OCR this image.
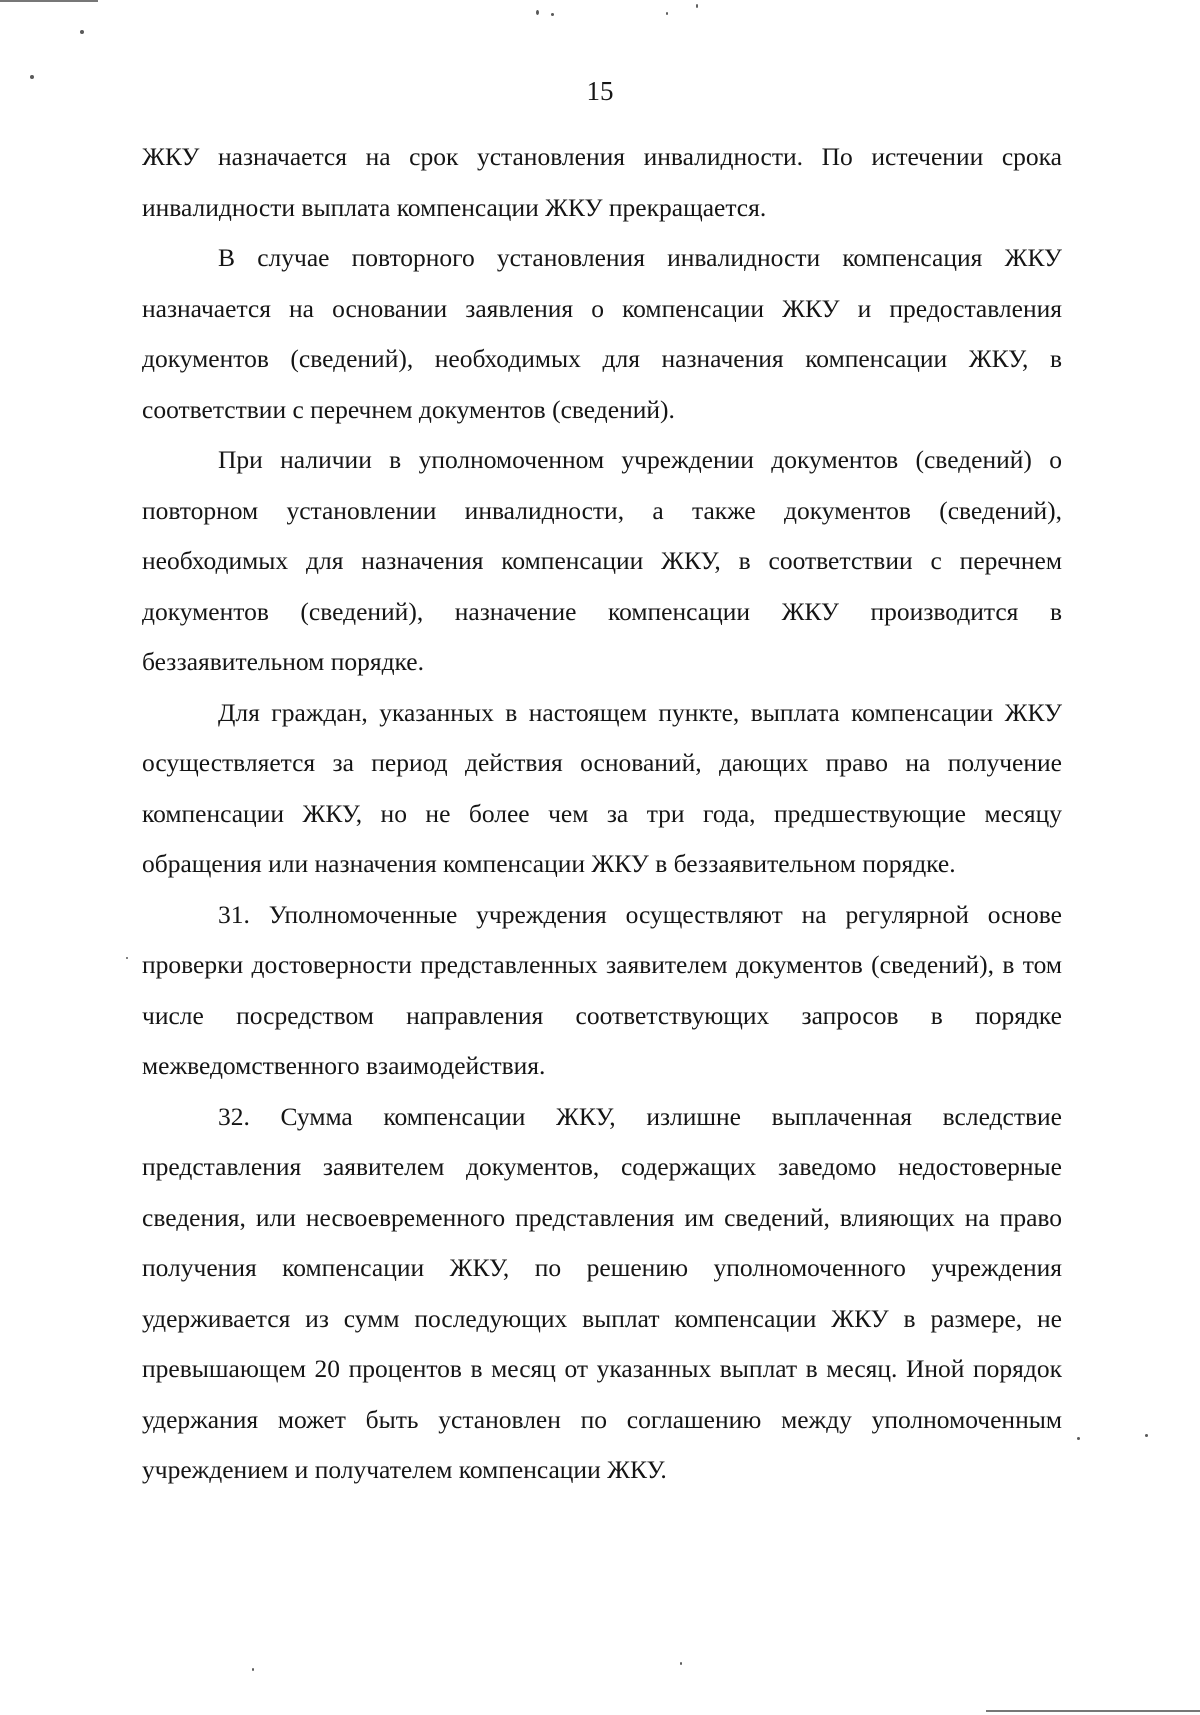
15

ЖКУ назначается на срок установления инвалидности. По истечении срока инвалидности выплата компенсации ЖКУ прекращается.

В случае повторного установления инвалидности компенсация ЖКУ назначается на основании заявления о компенсации ЖКУ и предоставления документов (сведений), необходимых для назначения компенсации ЖКУ, в соответствии с перечнем документов (сведений).

При наличии в уполномоченном учреждении документов (сведений) о повторном установлении инвалидности, а также документов (сведений), необходимых для назначения компенсации ЖКУ, в соответствии с перечнем документов (сведений), назначение компенсации ЖКУ производится в беззаявительном порядке.

Для граждан, указанных в настоящем пункте, выплата компенсации ЖКУ осуществляется за период действия оснований, дающих право на получение компенсации ЖКУ, но не более чем за три года, предшествующие месяцу обращения или назначения компенсации ЖКУ в беззаявительном порядке.

31. Уполномоченные учреждения осуществляют на регулярной основе проверки достоверности представленных заявителем документов (сведений), в том числе посредством направления соответствующих запросов в порядке межведомственного взаимодействия.

32. Сумма компенсации ЖКУ, излишне выплаченная вследствие представления заявителем документов, содержащих заведомо недостоверные сведения, или несвоевременного представления им сведений, влияющих на право получения компенсации ЖКУ, по решению уполномоченного учреждения удерживается из сумм последующих выплат компенсации ЖКУ в размере, не превышающем 20 процентов в месяц от указанных выплат в месяц. Иной порядок удержания может быть установлен по соглашению между уполномоченным учреждением и получателем компенсации ЖКУ.
